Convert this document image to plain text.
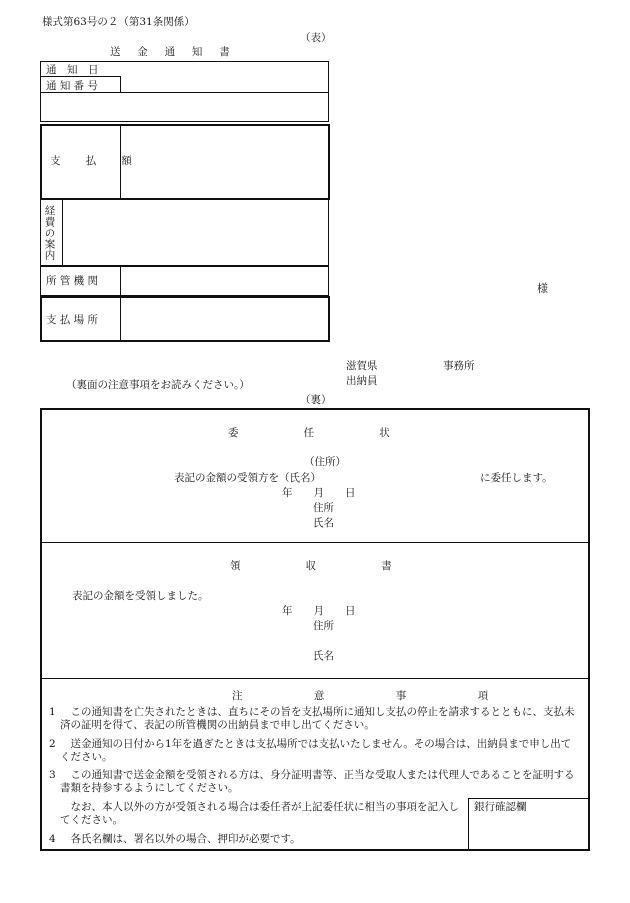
様式第63号の２（第31条関係）
（表）
送　金　通　知　書
通　知　日
通 知 番 号
支　払　額
経費の案内
所 管 機 関
支 払 場 所
様
滋賀県	事務所
出納員
（裏面の注意事項をお読みください。）
（裏）
委　　任　　状
（住所）
表記の金額の受領方を（氏名）	に委任します。
年　　月　　日
住所
氏名
領　　収　　書
表記の金額を受領しました。
年　　月　　日
住所
氏名
注　　意　　事　　項
1 　この通知書を亡失されたときは、直ちにその旨を支払場所に通知し支払の停止を請求するとともに、支払未済の証明を得て、表記の所管機関の出納員まで申し出てください。
2 　送金通知の日付から1年を過ぎたときは支払場所では支払いたしません。その場合は、出納員まで申し出てください。
3 　この通知書で送金金額を受領される方は、身分証明書等、正当な受取人または代理人であることを証明する書類を持参するようにしてください。
　なお、本人以外の方が受領される場合は委任者が上記委任状に相当の事項を記入してください。
4 　各氏名欄は、署名以外の場合、押印が必要です。
銀行確認欄
